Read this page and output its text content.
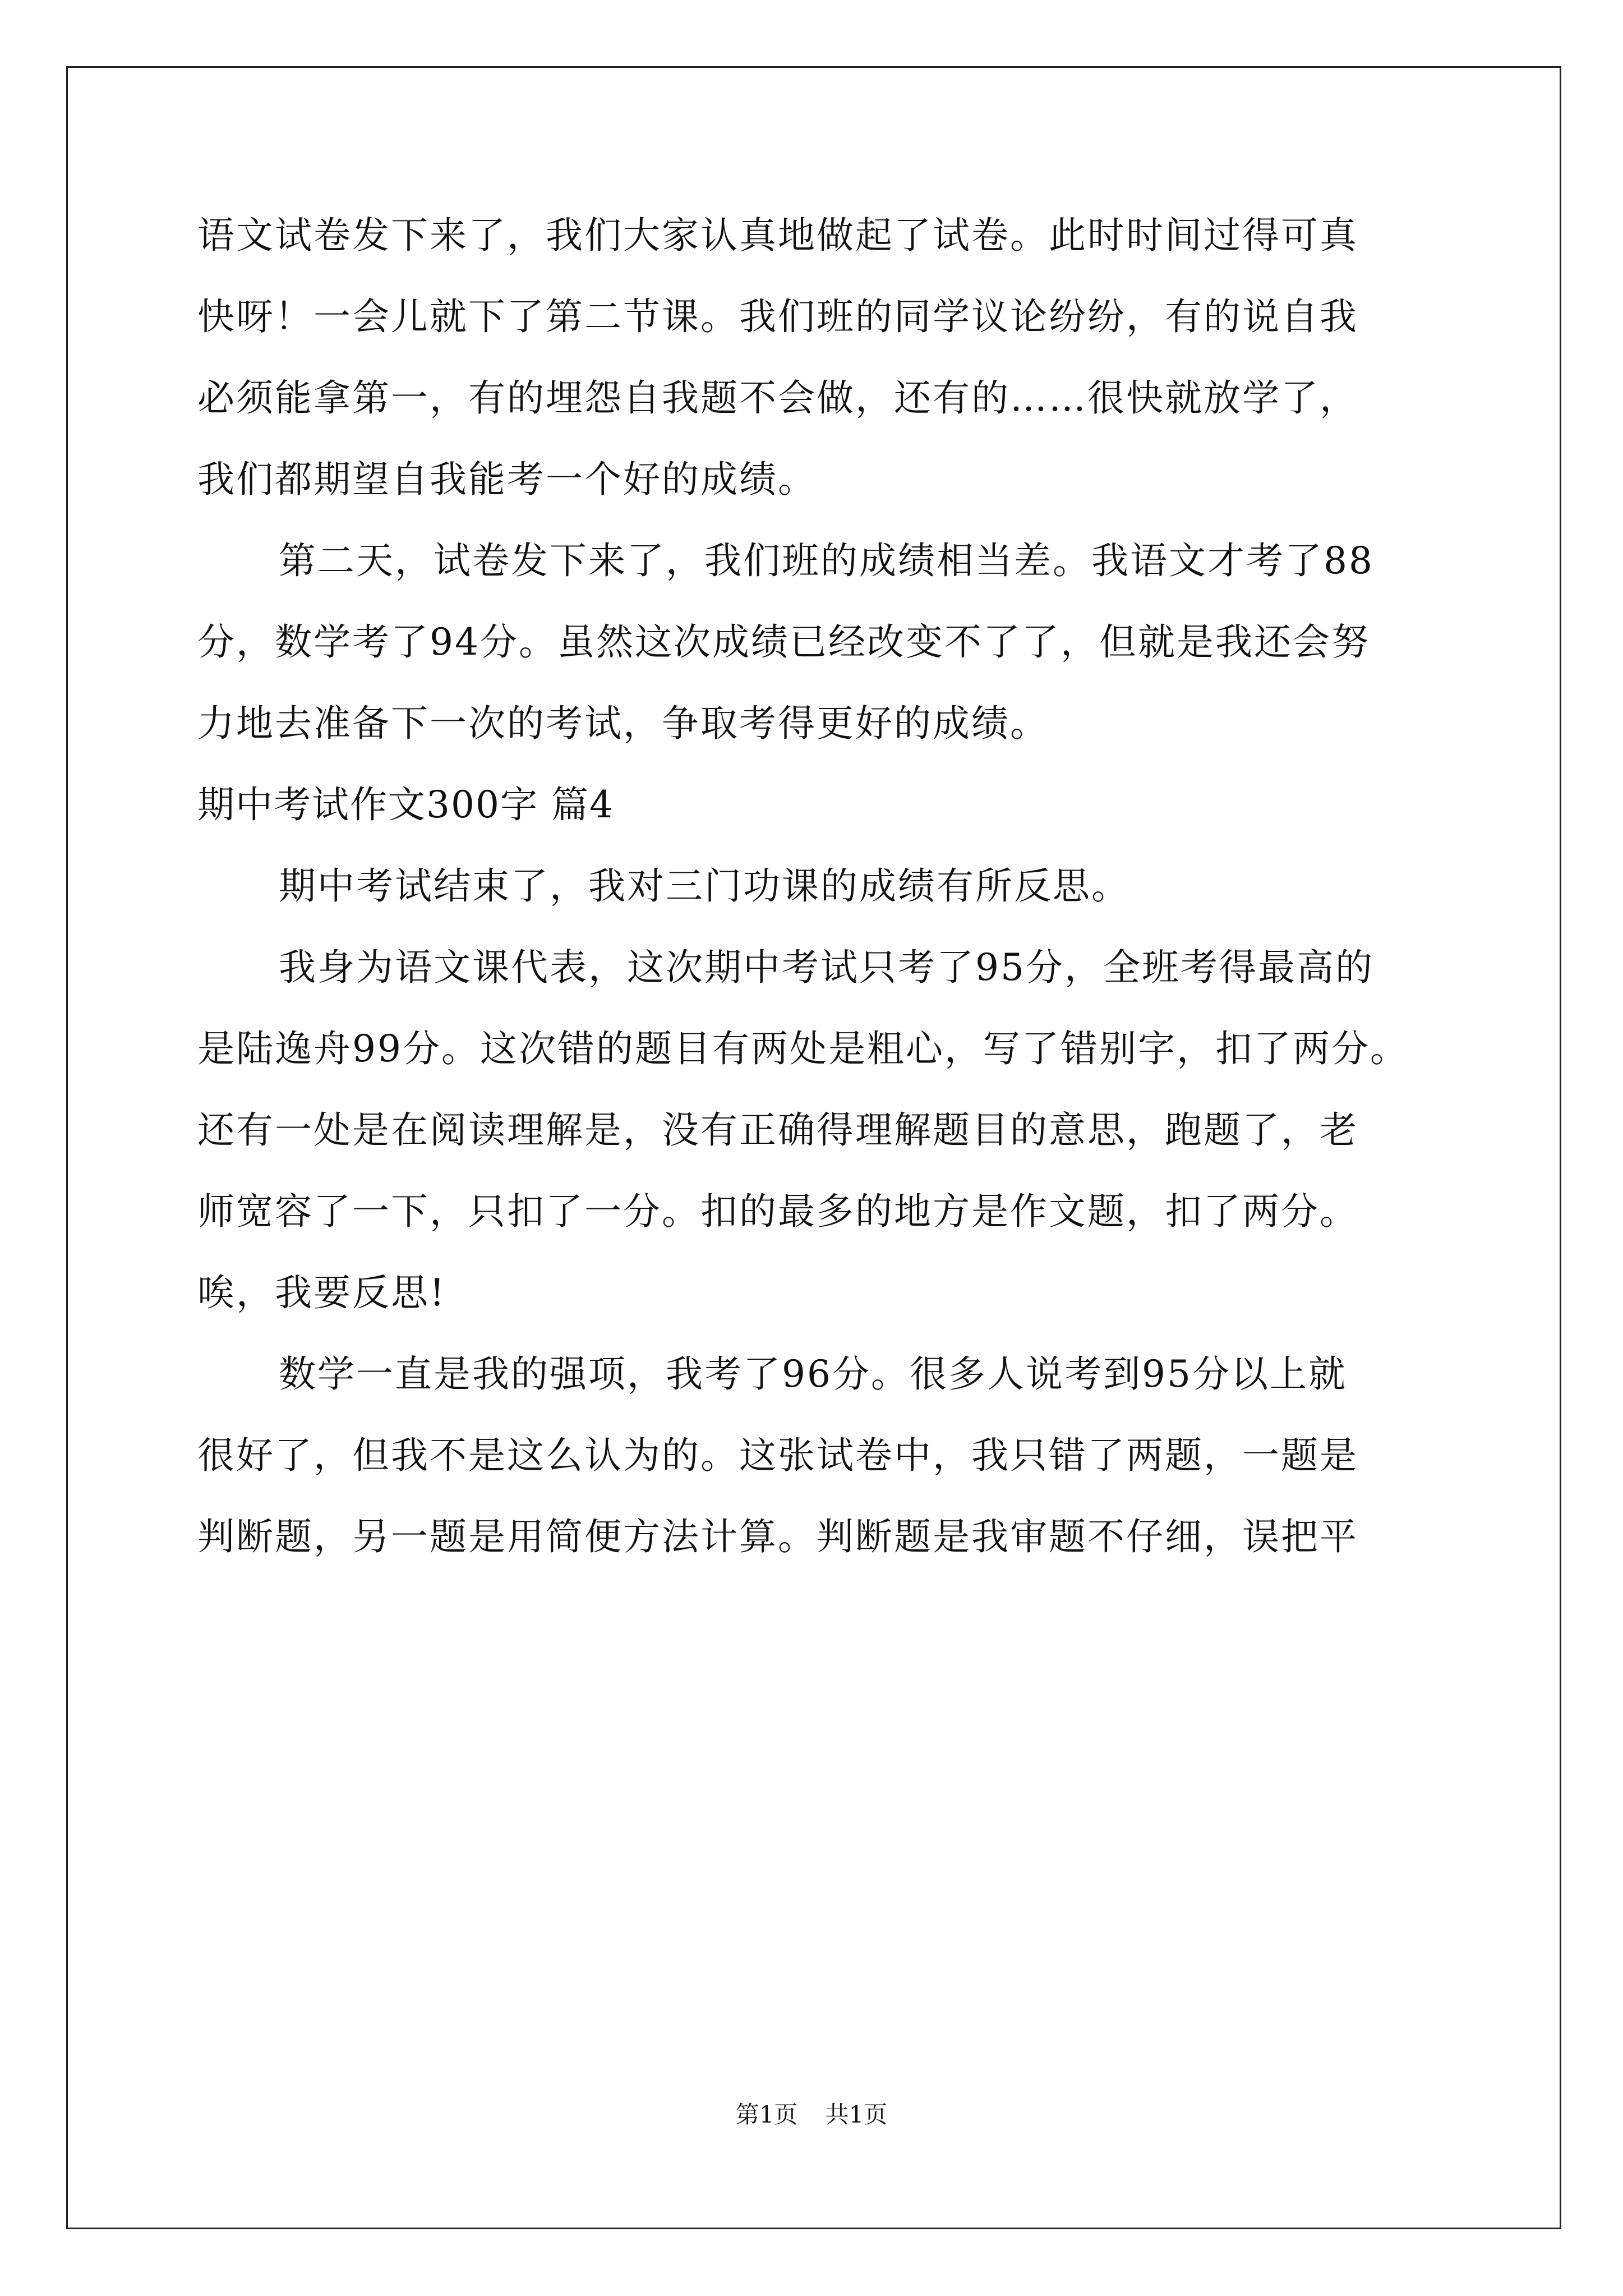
语文试卷发下来了，我们大家认真地做起了试卷。此时时间过得可真
快呀！一会儿就下了第二节课。我们班的同学议论纷纷，有的说自我
必须能拿第一，有的埋怨自我题不会做，还有的……很快就放学了，
我们都期望自我能考一个好的成绩。
第二天，试卷发下来了，我们班的成绩相当差。我语文才考了88
分，数学考了94分。虽然这次成绩已经改变不了了，但就是我还会努
力地去准备下一次的考试，争取考得更好的成绩。
期中考试作文300字 篇4
期中考试结束了，我对三门功课的成绩有所反思。
我身为语文课代表，这次期中考试只考了95分，全班考得最高的
是陆逸舟99分。这次错的题目有两处是粗心，写了错别字，扣了两分。
还有一处是在阅读理解是，没有正确得理解题目的意思，跑题了，老
师宽容了一下，只扣了一分。扣的最多的地方是作文题，扣了两分。
唉，我要反思!
数学一直是我的强项，我考了96分。很多人说考到95分以上就
很好了，但我不是这么认为的。这张试卷中，我只错了两题，一题是
判断题，另一题是用简便方法计算。判断题是我审题不仔细，误把平
第1页 共1页
